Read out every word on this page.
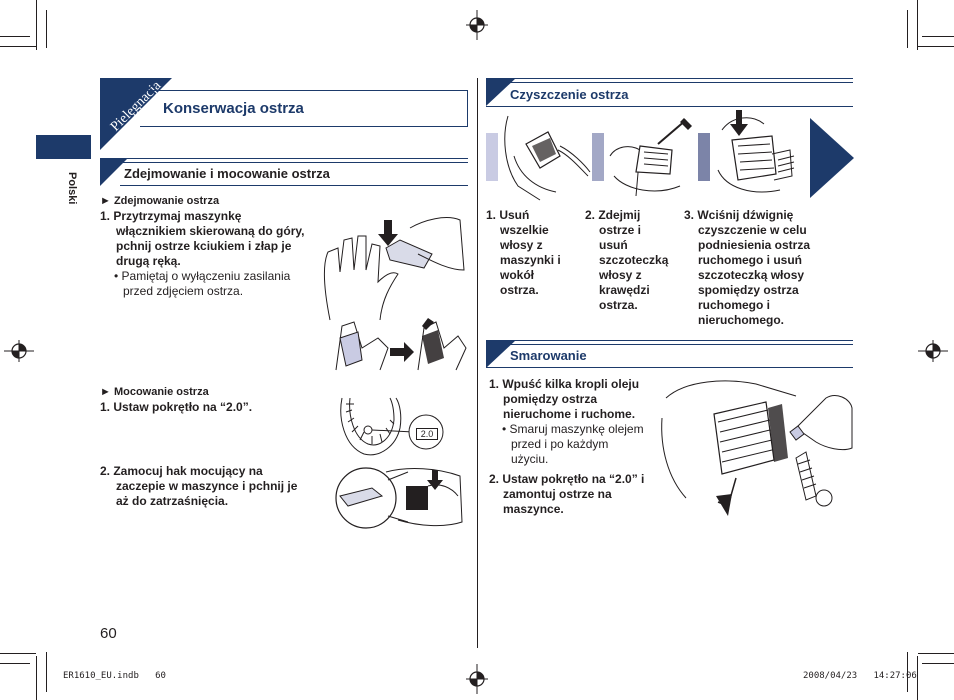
Polski
Pielęgnacja
Konserwacja ostrza
Zdejmowanie i mocowanie ostrza
► Zdejmowanie ostrza
1. Przytrzymaj maszynkę
włącznikiem skierowaną do góry,
pchnij ostrze kciukiem i złap je
drugą ręką.
• Pamiętaj o wyłączeniu zasilania
przed zdjęciem ostrza.
► Mocowanie ostrza
1. Ustaw pokrętło na “2.0”.
2.0
2. Zamocuj hak mocujący na
zaczepie w maszynce i pchnij je
aż do zatrzaśnięcia.
60
Czyszczenie ostrza
1. Usuń
wszelkie
włosy z
maszynki i
wokół
ostrza.
2. Zdejmij
ostrze i
usuń
szczoteczką
włosy z
krawędzi
ostrza.
3. Wciśnij dźwignię
czyszczenie w celu
podniesienia ostrza
ruchomego i usuń
szczoteczką włosy
spomiędzy ostrza
ruchomego i
nieruchomego.
Smarowanie
1. Wpuść kilka kropli oleju
pomiędzy ostrza
nieruchome i ruchome.
• Smaruj maszynkę olejem
przed i po każdym
użyciu.
2. Ustaw pokrętło na “2.0” i
zamontuj ostrze na
maszynce.
ER1610_EU.indb   60	2008/04/23   14:27:06
